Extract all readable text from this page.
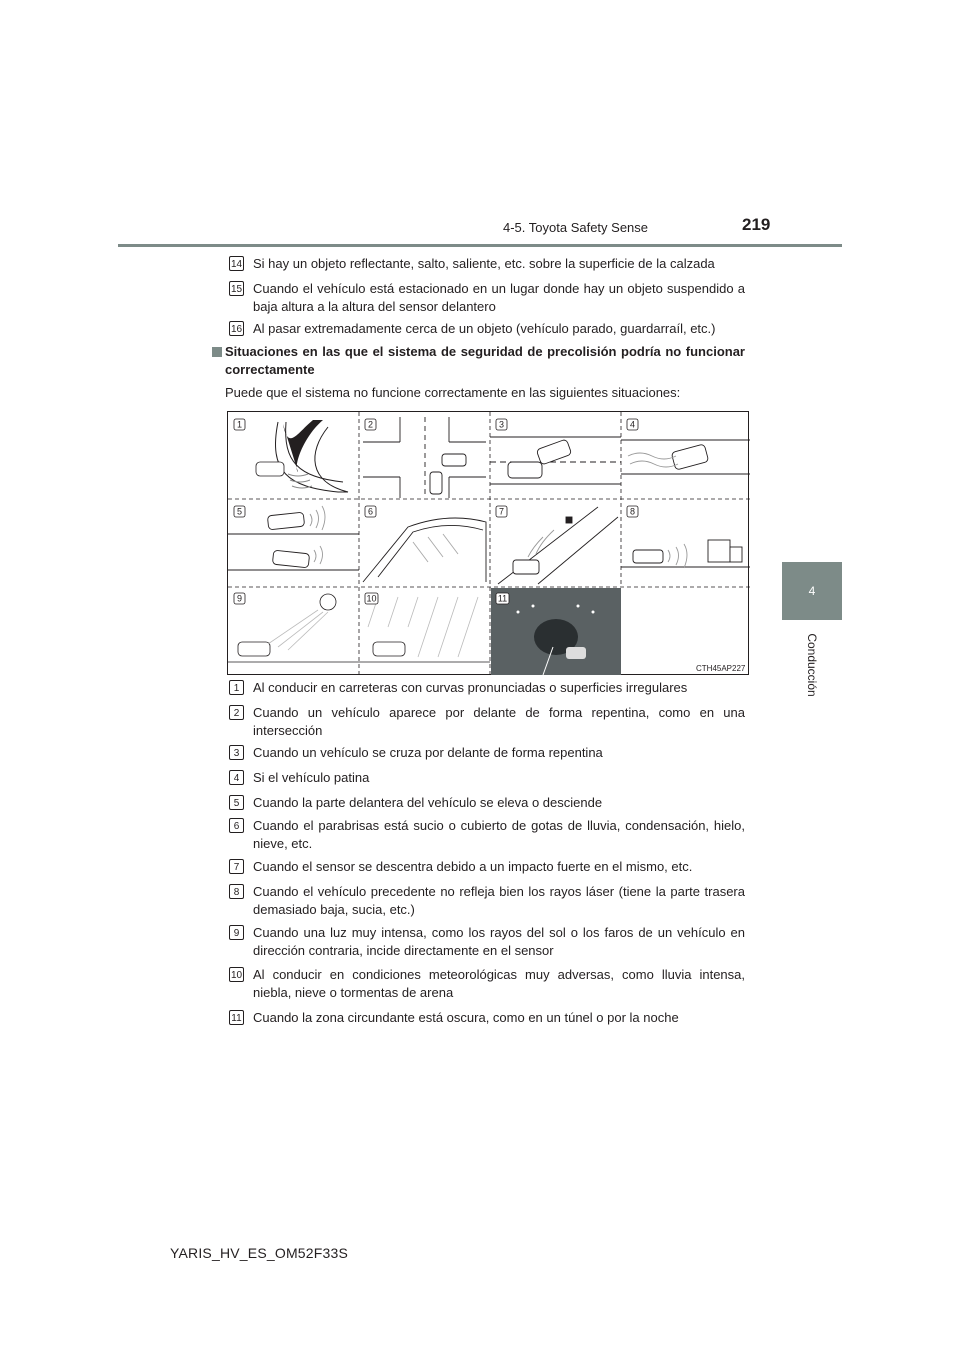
4-5. Toyota Safety Sense	219
4
Conducción
14 Si hay un objeto reflectante, salto, saliente, etc. sobre la superficie de la calzada
15 Cuando el vehículo está estacionado en un lugar donde hay un objeto suspendido a baja altura a la altura del sensor delantero
16 Al pasar extremadamente cerca de un objeto (vehículo parado, guardarraíl, etc.)
Situaciones en las que el sistema de seguridad de precolisión podría no funcionar correctamente
Puede que el sistema no funcione correctamente en las siguientes situaciones:
1	2	3	4
5	6	7	8
9	10	11
CTH45AP227
1	Al conducir en carreteras con curvas pronunciadas o superficies irregulares
2	Cuando un vehículo aparece por delante de forma repentina, como en una intersección
3	Cuando un vehículo se cruza por delante de forma repentina
4	Si el vehículo patina
5	Cuando la parte delantera del vehículo se eleva o desciende
6	Cuando el parabrisas está sucio o cubierto de gotas de lluvia, condensación, hielo, nieve, etc.
7	Cuando el sensor se descentra debido a un impacto fuerte en el mismo, etc.
8	Cuando el vehículo precedente no refleja bien los rayos láser (tiene la parte trasera demasiado baja, sucia, etc.)
9	Cuando una luz muy intensa, como los rayos del sol o los faros de un vehículo en dirección contraria, incide directamente en el sensor
10 Al conducir en condiciones meteorológicas muy adversas, como lluvia intensa, niebla, nieve o tormentas de arena
11 Cuando la zona circundante está oscura, como en un túnel o por la noche
YARIS_HV_ES_OM52F33S
